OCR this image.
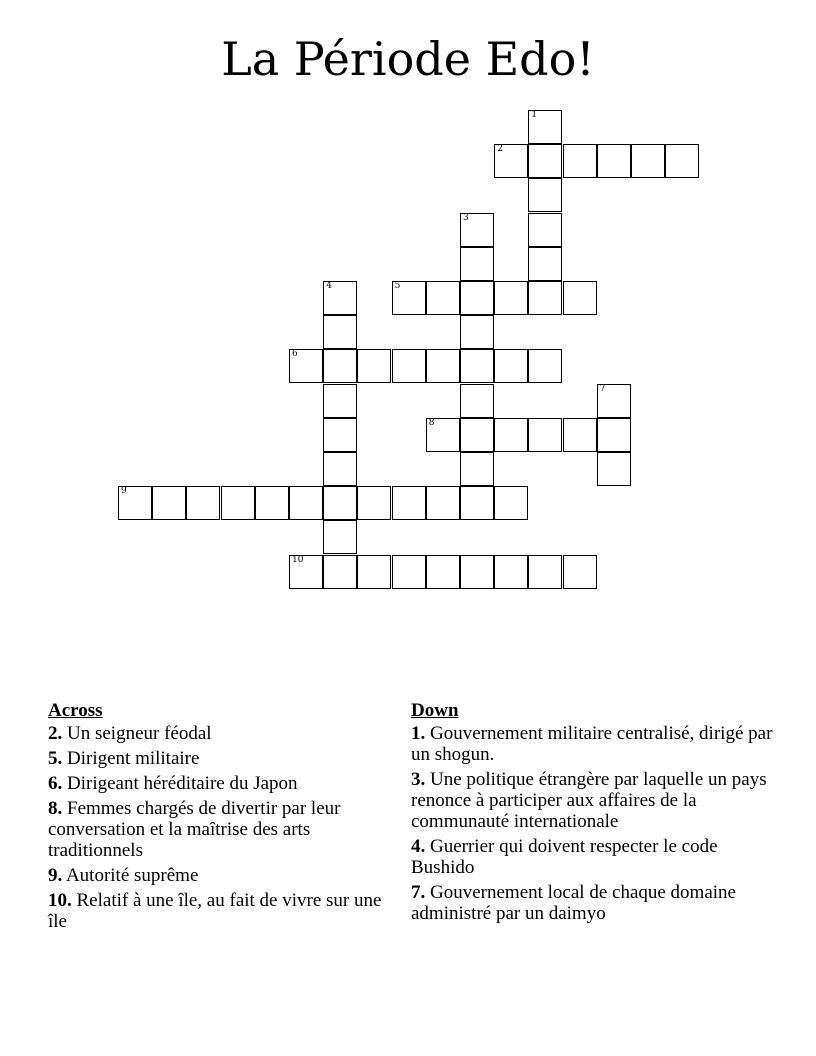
La Période Edo!
1
2
3
4	5
6
7
8
9
10
Across
2. Un seigneur féodal
5. Dirigent militaire
6. Dirigeant héréditaire du Japon
8. Femmes chargés de divertir par leur conversation et la maîtrise des arts traditionnels
9. Autorité suprême
10. Relatif à une île, au fait de vivre sur une île
Down
1. Gouvernement militaire centralisé, dirigé par un shogun.
3. Une politique étrangère par laquelle un pays renonce à participer aux affaires de la communauté internationale
4. Guerrier qui doivent respecter le code Bushido
7. Gouvernement local de chaque domaine administré par un daimyo
